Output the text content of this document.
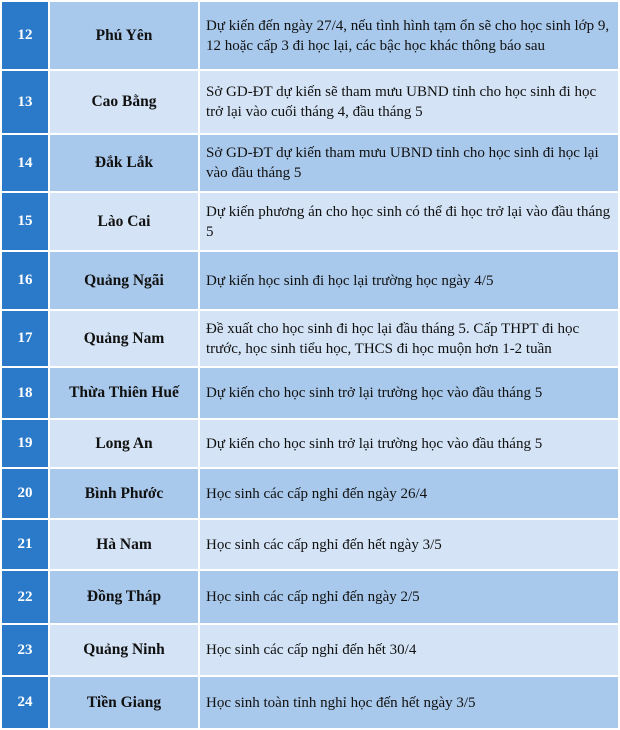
12	Phú Yên	Dự kiến đến ngày 27/4, nếu tình hình tạm ổn sẽ cho học sinh lớp 9, 12 hoặc cấp 3 đi học lại, các bậc học khác thông báo sau
13	Cao Bằng	Sở GD-ĐT dự kiến sẽ tham mưu UBND tỉnh cho học sinh đi học trở lại vào cuối tháng 4, đầu tháng 5
14	Đắk Lắk	Sở GD-ĐT dự kiến tham mưu UBND tỉnh cho học sinh đi học lại vào đầu tháng 5
15	Lào Cai	Dự kiến phương án cho học sinh có thể đi học trở lại vào đầu tháng 5
16	Quảng Ngãi	Dự kiến học sinh đi học lại trường học ngày 4/5
17	Quảng Nam	Đề xuất cho học sinh đi học lại đầu tháng 5. Cấp THPT đi học trước, học sinh tiểu học, THCS đi học muộn hơn 1-2 tuần
18	Thừa Thiên Huế	Dự kiến cho học sinh trở lại trường học vào đầu tháng 5
19	Long An	Dự kiến cho học sinh trở lại trường học vào đầu tháng 5
20	Bình Phước	Học sinh các cấp nghỉ đến ngày 26/4
21	Hà Nam	Học sinh các cấp nghỉ đến hết ngày 3/5
22	Đồng Tháp	Học sinh các cấp nghỉ đến ngày 2/5
23	Quảng Ninh	Học sinh các cấp nghỉ đến hết 30/4
24	Tiền Giang	Học sinh toàn tỉnh nghỉ học đến hết ngày 3/5
